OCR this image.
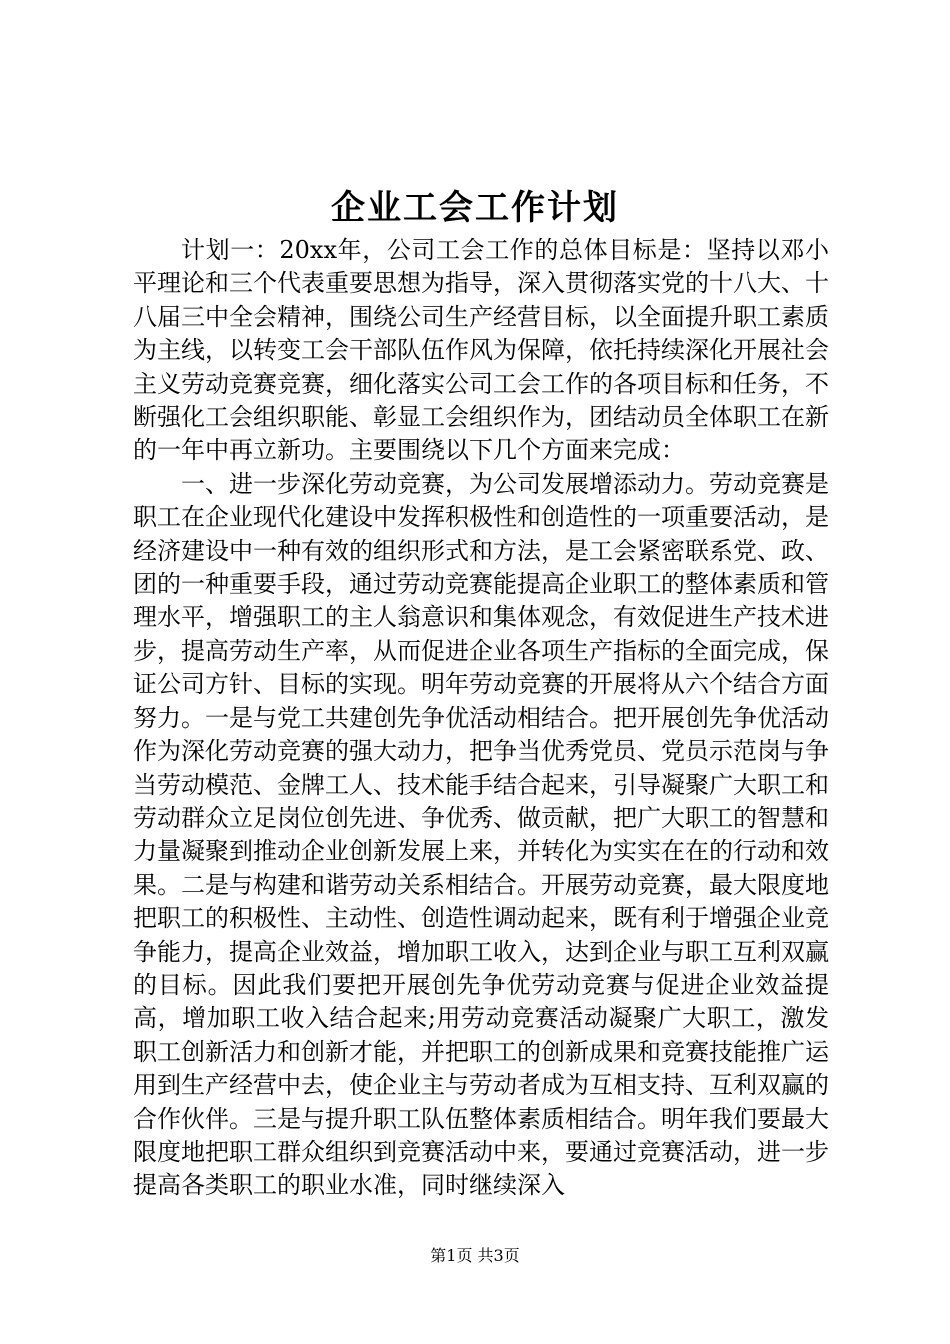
企业工会工作计划

计划一：20xx年，公司工会工作的总体目标是：坚持以邓小平理论和三个代表重要思想为指导，深入贯彻落实党的十八大、十八届三中全会精神，围绕公司生产经营目标，以全面提升职工素质为主线，以转变工会干部队伍作风为保障，依托持续深化开展社会主义劳动竞赛竞赛，细化落实公司工会工作的各项目标和任务，不断强化工会组织职能、彰显工会组织作为，团结动员全体职工在新的一年中再立新功。主要围绕以下几个方面来完成：

一、进一步深化劳动竞赛，为公司发展增添动力。劳动竞赛是职工在企业现代化建设中发挥积极性和创造性的一项重要活动，是经济建设中一种有效的组织形式和方法，是工会紧密联系党、政、团的一种重要手段，通过劳动竞赛能提高企业职工的整体素质和管理水平，增强职工的主人翁意识和集体观念，有效促进生产技术进步，提高劳动生产率，从而促进企业各项生产指标的全面完成，保证公司方针、目标的实现。明年劳动竞赛的开展将从六个结合方面努力。一是与党工共建创先争优活动相结合。把开展创先争优活动作为深化劳动竞赛的强大动力，把争当优秀党员、党员示范岗与争当劳动模范、金牌工人、技术能手结合起来，引导凝聚广大职工和劳动群众立足岗位创先进、争优秀、做贡献，把广大职工的智慧和力量凝聚到推动企业创新发展上来，并转化为实实在在的行动和效果。二是与构建和谐劳动关系相结合。开展劳动竞赛，最大限度地把职工的积极性、主动性、创造性调动起来，既有利于增强企业竞争能力，提高企业效益，增加职工收入，达到企业与职工互利双赢的目标。因此我们要把开展创先争优劳动竞赛与促进企业效益提高，增加职工收入结合起来;用劳动竞赛活动凝聚广大职工，激发职工创新活力和创新才能，并把职工的创新成果和竞赛技能推广运用到生产经营中去，使企业主与劳动者成为互相支持、互利双赢的合作伙伴。三是与提升职工队伍整体素质相结合。明年我们要最大限度地把职工群众组织到竞赛活动中来，要通过竞赛活动，进一步提高各类职工的职业水准，同时继续深入

第1页 共3页
